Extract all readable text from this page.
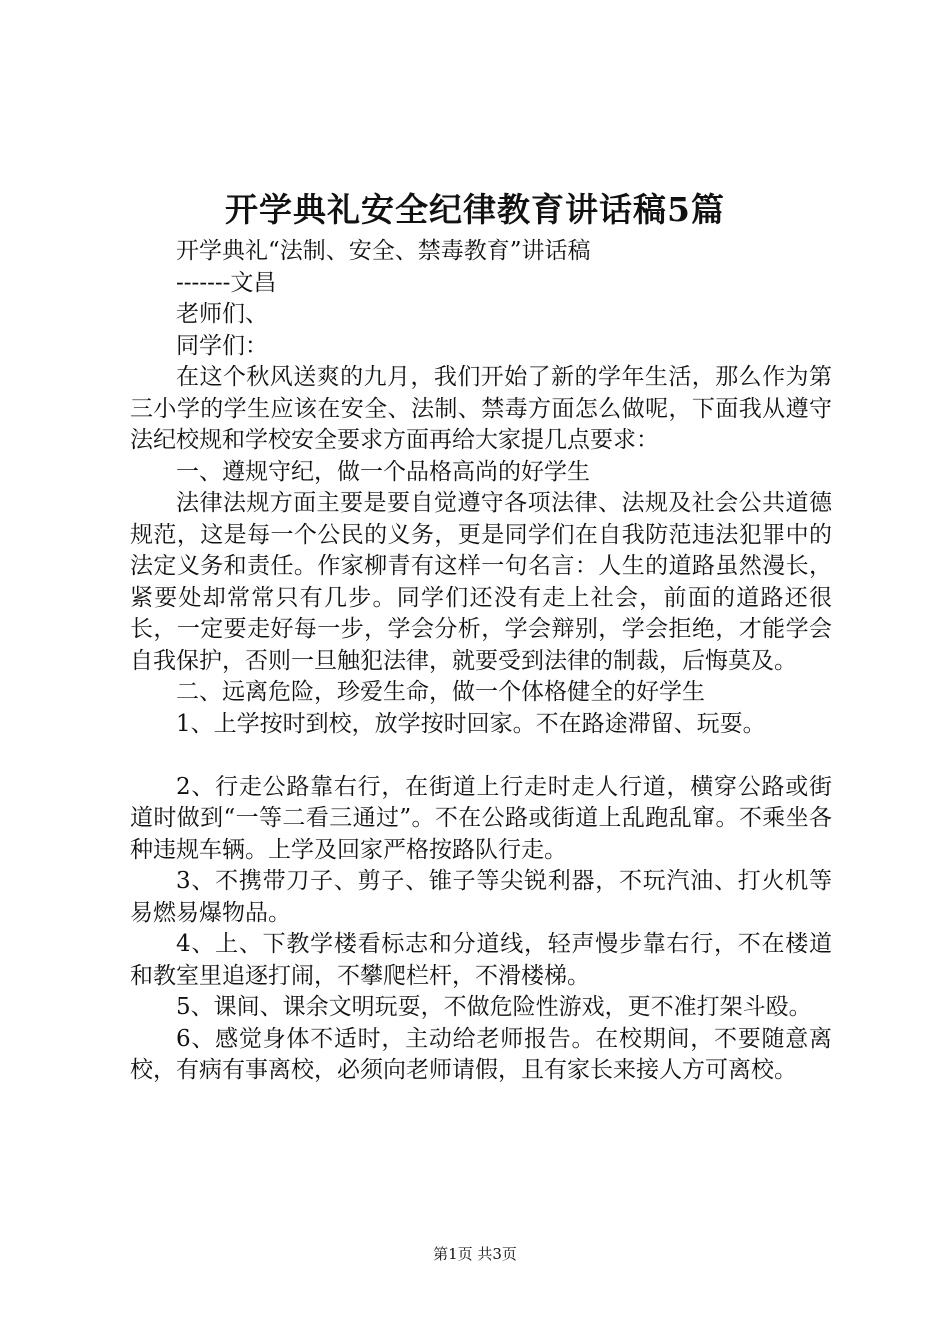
开学典礼安全纪律教育讲话稿5篇

开学典礼“法制、安全、禁毒教育”讲话稿

-------文昌

老师们、

同学们：

在这个秋风送爽的九月，我们开始了新的学年生活，那么作为第三小学的学生应该在安全、法制、禁毒方面怎么做呢，下面我从遵守法纪校规和学校安全要求方面再给大家提几点要求：

一、遵规守纪，做一个品格高尚的好学生

法律法规方面主要是要自觉遵守各项法律、法规及社会公共道德规范，这是每一个公民的义务，更是同学们在自我防范违法犯罪中的法定义务和责任。作家柳青有这样一句名言：人生的道路虽然漫长，紧要处却常常只有几步。同学们还没有走上社会，前面的道路还很长，一定要走好每一步，学会分析，学会辩别，学会拒绝，才能学会自我保护，否则一旦触犯法律，就要受到法律的制裁，后悔莫及。

二、远离危险，珍爱生命，做一个体格健全的好学生

1、上学按时到校，放学按时回家。不在路途滞留、玩耍。

2、行走公路靠右行，在街道上行走时走人行道，横穿公路或街道时做到“一等二看三通过”。不在公路或街道上乱跑乱窜。不乘坐各种违规车辆。上学及回家严格按路队行走。

3、不携带刀子、剪子、锥子等尖锐利器，不玩汽油、打火机等易燃易爆物品。

4、上、下教学楼看标志和分道线，轻声慢步靠右行，不在楼道和教室里追逐打闹，不攀爬栏杆，不滑楼梯。

5、课间、课余文明玩耍，不做危险性游戏，更不准打架斗殴。

6、感觉身体不适时，主动给老师报告。在校期间，不要随意离校，有病有事离校，必须向老师请假，且有家长来接人方可离校。

第1页 共3页
